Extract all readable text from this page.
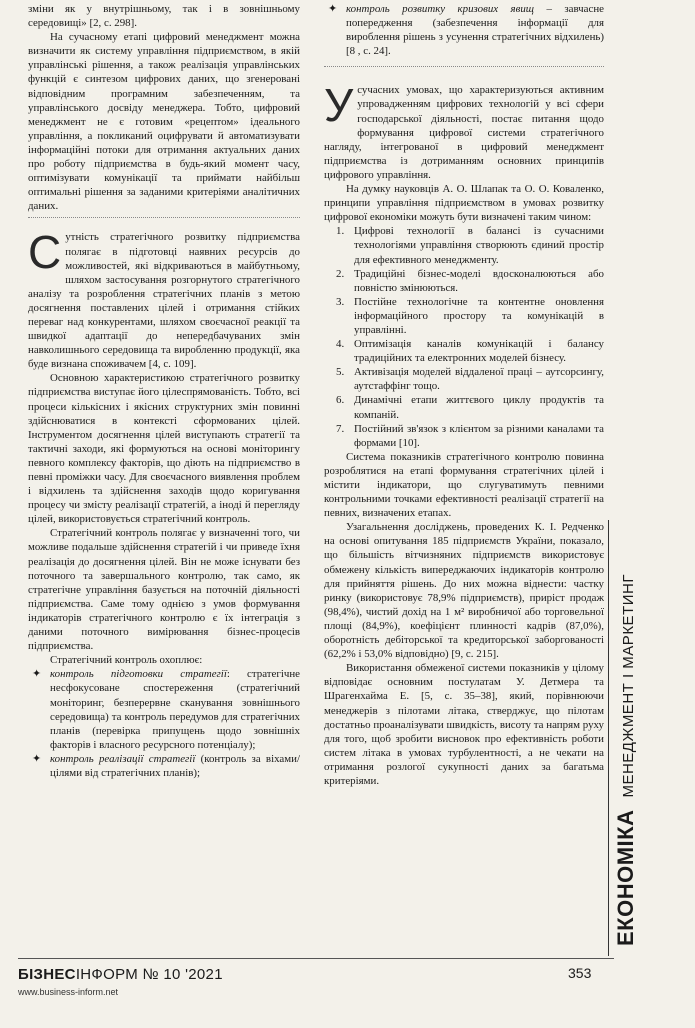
зміни як у внутрішньому, так і в зовнішньому середовищі» [2, с. 298].

На сучасному етапі цифровий менеджмент можна визначити як систему управління підприємством, в якій управлінські рішення, а також реалізація управлінських функцій є синтезом цифрових даних, що згенеровані відповідним програмним забезпеченням, та управлінського досвіду менеджера. Тобто, цифровий менеджмент не є готовим «рецептом» ідеального управління, а покликаний оцифрувати й автоматизувати інформаційні потоки для отримання актуальних даних про роботу підприємства в будь-який момент часу, оптимізувати комунікації та приймати найбільш оптимальні рішення за заданими критеріями аналітичних даних.

Сутність стратегічного розвитку підприємства полягає в підготовці наявних ресурсів до можливостей, які відкриваються в майбутньому, шляхом застосування розгорнутого стратегічного аналізу та розроблення стратегічних планів з метою досягнення поставлених цілей і отримання стійких переваг над конкурентами, шляхом своєчасної реакції та швидкої адаптації до непередбачуваних змін навколишнього середовища та виробленню продукції, яка буде визнана споживачем [4, с. 109].

Основною характеристикою стратегічного розвитку підприємства виступає його цілеспрямованість. Тобто, всі процеси кількісних і якісних структурних змін повинні здійснюватися в контексті сформованих цілей. Інструментом досягнення цілей виступають стратегії та тактичні заходи, які формуються на основі моніторингу певного комплексу факторів, що діють на підприємство в певні проміжки часу. Для своєчасного виявлення проблем і відхилень та здійснення заходів щодо коригування процесу чи змісту реалізації стратегій, а іноді й перегляду цілей, використовується стратегічний контроль.

Стратегічний контроль полягає у визначенні того, чи можливе подальше здійснення стратегій і чи приведе їхня реалізація до досягнення цілей. Він не може існувати без поточного та завершального контролю, так само, як стратегічне управління базується на поточній діяльності підприємства. Саме тому однією з умов формування індикаторів стратегічного контролю є їх інтеграція з даними поточного вимірювання бізнес-процесів підприємства.

Стратегічний контроль охоплює:

✦ контроль підготовки стратегії: стратегічне несфокусоване спостереження (стратегічний моніторинг, безперервне сканування зовнішнього середовища) та контроль передумов для стратегічних планів (перевірка припущень щодо зовнішніх факторів і власного ресурсного потенціалу);
✦ контроль реалізації стратегії (контроль за віхами/цілями від стратегічних планів);
✦ контроль розвитку кризових явищ – завчасне попередження (забезпечення інформації для вироблення рішень з усунення стратегічних відхилень) [8 , с. 24].

Усучасних умовах, що характеризуються активним упровадженням цифрових технологій у всі сфери господарської діяльності, постає питання щодо формування цифрової системи стратегічного нагляду, інтегрованої в цифровий менеджмент підприємства із дотриманням основних принципів цифрового управління.

На думку науковців А. О. Шлапак та О. О. Коваленко, принципи управління підприємством в умовах розвитку цифрової економіки можуть бути визначені таким чином:

1. Цифрові технології в балансі із сучасними технологіями управління створюють єдиний простір для ефективного менеджменту.
2. Традиційні бізнес-моделі вдосконалюються або повністю змінюються.
3. Постійне технологічне та контентне оновлення інформаційного простору та комунікацій в управлінні.
4. Оптимізація каналів комунікацій і балансу традиційних та електронних моделей бізнесу.
5. Активізація моделей віддаленої праці – аутсорсингу, аутстаффінг тощо.
6. Динамічні етапи життєвого циклу продуктів та компаній.
7. Постійний зв'язок з клієнтом за різними каналами та формами [10].

Система показників стратегічного контролю повинна розроблятися на етапі формування стратегічних цілей і містити індикатори, що слугуватимуть певними контрольними точками ефективності реалізації стратегії на певних, визначених етапах.

Узагальнення досліджень, проведених К. І. Редченко на основі опитування 185 підприємств України, показало, що більшість вітчизняних підприємств використовує обмежену кількість випереджаючих індикаторів контролю для прийняття рішень. До них можна віднести: частку ринку (використовує 78,9% підприємств), приріст продаж (98,4%), чистий дохід на 1 м² виробничої або торговельної площі (84,9%), коефіцієнт плинності кадрів (87,0%), оборотність дебіторської та кредиторської заборгованості (62,2% і 53,0% відповідно) [9, с. 215].

Використання обмеженої системи показників у цілому відповідає основним постулатам У. Детмера та Шрагенхайма Е. [5, с. 35–38], який, порівнюючи менеджерів з пілотами літака, стверджує, що пілотам достатньо проаналізувати швидкість, висоту та напрям руху для того, щоб зробити висновок про ефективність роботи систем літака в умовах турбулентності, а не чекати на отримання розлогої сукупності даних за багатьма критеріями.

ЕКОНОМІКАМЕНЕДЖМЕНТ І МАРКЕТИНГ
БІЗНЕСІНФОРМ № 10 '2021
www.business-inform.net
353
